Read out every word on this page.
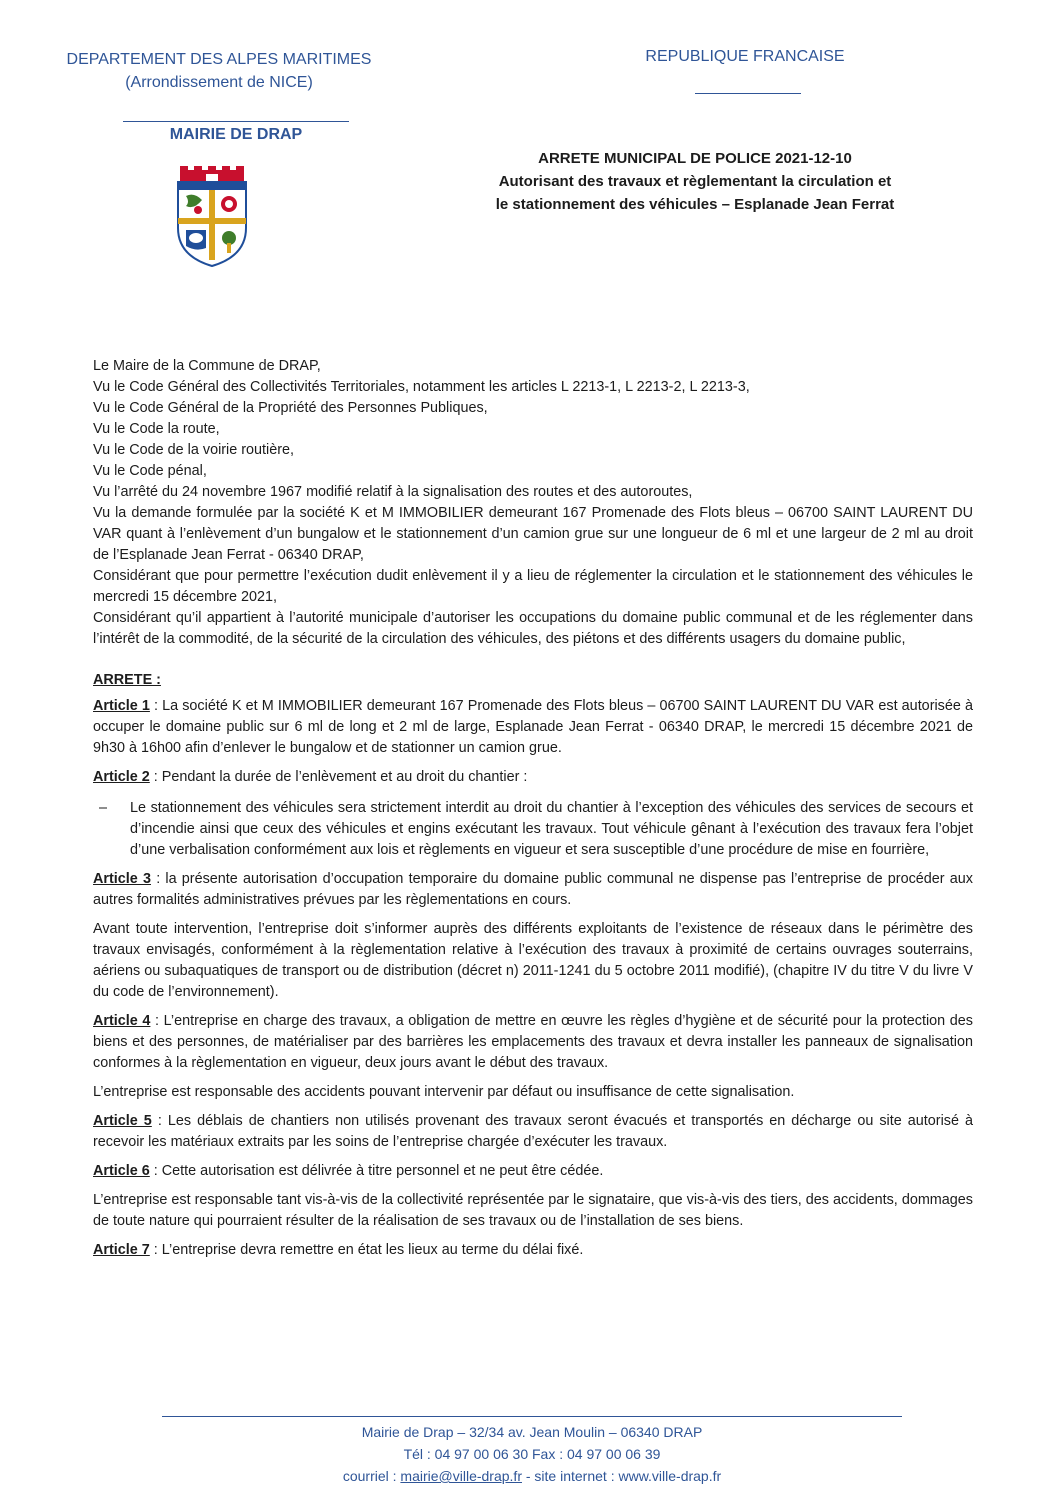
DEPARTEMENT DES ALPES MARITIMES
(Arrondissement de NICE)
MAIRIE DE DRAP
REPUBLIQUE FRANCAISE
ARRETE MUNICIPAL DE POLICE 2021-12-10
Autorisant des travaux et règlementant la circulation et
le stationnement des véhicules – Esplanade Jean Ferrat
Le Maire de la Commune de DRAP,
Vu le Code Général des Collectivités Territoriales, notamment les articles L 2213-1, L 2213-2, L 2213-3,
Vu le Code Général de la Propriété des Personnes Publiques,
Vu le Code la route,
Vu le Code de la voirie routière,
Vu le Code pénal,
Vu l’arrêté du 24 novembre 1967 modifié relatif à la signalisation des routes et des autoroutes,
Vu la demande formulée par la société K et M IMMOBILIER demeurant 167 Promenade des Flots bleus – 06700 SAINT LAURENT DU VAR quant à l’enlèvement d’un bungalow et le stationnement d’un camion grue sur une longueur de 6 ml et une largeur de 2 ml au droit de l’Esplanade Jean Ferrat - 06340 DRAP,
Considérant que pour permettre l’exécution dudit enlèvement il y a lieu de réglementer la circulation et le stationnement des véhicules le mercredi 15 décembre 2021,
Considérant qu’il appartient à l’autorité municipale d’autoriser les occupations du domaine public communal et de les réglementer dans l’intérêt de la commodité, de la sécurité de la circulation des véhicules, des piétons et des différents usagers du domaine public,
ARRETE :
Article 1 : La société K et M IMMOBILIER demeurant 167 Promenade des Flots bleus – 06700 SAINT LAURENT DU VAR est autorisée à occuper le domaine public sur 6 ml de long et 2 ml de large, Esplanade Jean Ferrat - 06340 DRAP, le mercredi 15 décembre 2021 de 9h30 à 16h00 afin d’enlever le bungalow et de stationner un camion grue.
Article 2 : Pendant la durée de l’enlèvement et au droit du chantier :
– Le stationnement des véhicules sera strictement interdit au droit du chantier à l’exception des véhicules des services de secours et d’incendie ainsi que ceux des véhicules et engins exécutant les travaux. Tout véhicule gênant à l’exécution des travaux fera l’objet d’une verbalisation conformément aux lois et règlements en vigueur et sera susceptible d’une procédure de mise en fourrière,
Article 3 : la présente autorisation d’occupation temporaire du domaine public communal ne dispense pas l’entreprise de procéder aux autres formalités administratives prévues par les règlementations en cours.
Avant toute intervention, l’entreprise doit s’informer auprès des différents exploitants de l’existence de réseaux dans le périmètre des travaux envisagés, conformément à la règlementation relative à l’exécution des travaux à proximité de certains ouvrages souterrains, aériens ou subaquatiques de transport ou de distribution (décret n) 2011-1241 du 5 octobre 2011 modifié), (chapitre IV du titre V du livre V du code de l’environnement).
Article 4 : L’entreprise en charge des travaux, a obligation de mettre en œuvre les règles d’hygiène et de sécurité pour la protection des biens et des personnes, de matérialiser par des barrières les emplacements des travaux et devra installer les panneaux de signalisation conformes à la règlementation en vigueur, deux jours avant le début des travaux.
L’entreprise est responsable des accidents pouvant intervenir par défaut ou insuffisance de cette signalisation.
Article 5 : Les déblais de chantiers non utilisés provenant des travaux seront évacués et transportés en décharge ou site autorisé à recevoir les matériaux extraits par les soins de l’entreprise chargée d’exécuter les travaux.
Article 6 : Cette autorisation est délivrée à titre personnel et ne peut être cédée.
L’entreprise est responsable tant vis-à-vis de la collectivité représentée par le signataire, que vis-à-vis des tiers, des accidents, dommages de toute nature qui pourraient résulter de la réalisation de ses travaux ou de l’installation de ses biens.
Article 7 : L’entreprise devra remettre en état les lieux au terme du délai fixé.
Mairie de Drap – 32/34 av. Jean Moulin – 06340 DRAP
Tél : 04 97 00 06 30 Fax : 04 97 00 06 39
courriel : mairie@ville-drap.fr - site internet : www.ville-drap.fr
